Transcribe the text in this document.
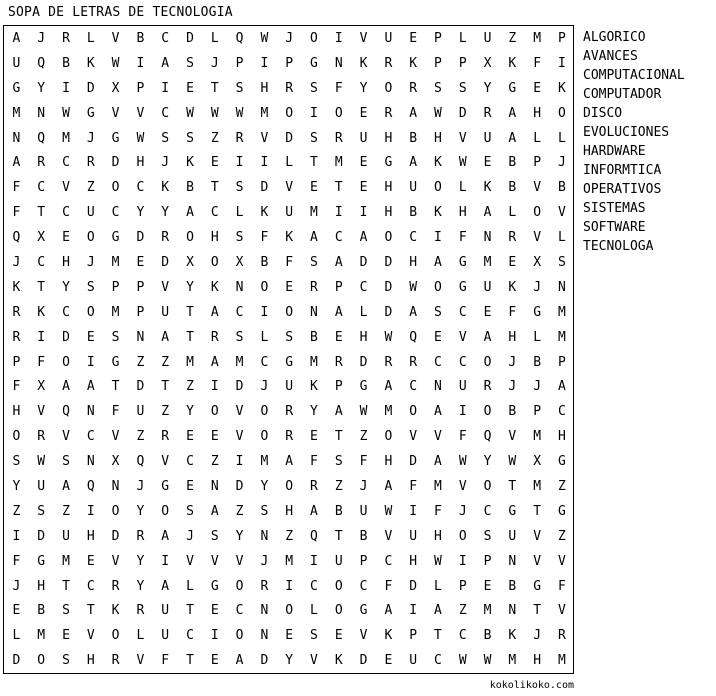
SOPA DE LETRAS DE TECNOLOGIA
A	J	R	L	V	B	C	D	L	Q	W	J	O	I	V	U	E	P	L	U	Z	M	P
U	Q	B	K	W	I	A	S	J	P	I	P	G	N	K	R	K	P	P	X	K	F	I
G	Y	I	D	X	P	I	E	T	S	H	R	S	F	Y	O	R	S	S	Y	G	E	K
M	N	W	G	V	V	C	W	W	W	M	O	I	O	E	R	A	W	D	R	A	H	O
N	Q	M	J	G	W	S	S	Z	R	V	D	S	R	U	H	B	H	V	U	A	L	L
A	R	C	R	D	H	J	K	E	I	I	L	T	M	E	G	A	K	W	E	B	P	J
F	C	V	Z	O	C	K	B	T	S	D	V	E	T	E	H	U	O	L	K	B	V	B
F	T	C	U	C	Y	Y	A	C	L	K	U	M	I	I	H	B	K	H	A	L	O	V
Q	X	E	O	G	D	R	O	H	S	F	K	A	C	A	O	C	I	F	N	R	V	L
J	C	H	J	M	E	D	X	O	X	B	F	S	A	D	D	H	A	G	M	E	X	S
K	T	Y	S	P	P	V	Y	K	N	O	E	R	P	C	D	W	O	G	U	K	J	N
R	K	C	O	M	P	U	T	A	C	I	O	N	A	L	D	A	S	C	E	F	G	M
R	I	D	E	S	N	A	T	R	S	L	S	B	E	H	W	Q	E	V	A	H	L	M
P	F	O	I	G	Z	Z	M	A	M	C	G	M	R	D	R	R	C	C	O	J	B	P
F	X	A	A	T	D	T	Z	I	D	J	U	K	P	G	A	C	N	U	R	J	J	A
H	V	Q	N	F	U	Z	Y	O	V	O	R	Y	A	W	M	O	A	I	O	B	P	C
O	R	V	C	V	Z	R	E	E	V	O	R	E	T	Z	O	V	V	F	Q	V	M	H
S	W	S	N	X	Q	V	C	Z	I	M	A	F	S	F	H	D	A	W	Y	W	X	G
Y	U	A	Q	N	J	G	E	N	D	Y	O	R	Z	J	A	F	M	V	O	T	M	Z
Z	S	Z	I	O	Y	O	S	A	Z	S	H	A	B	U	W	I	F	J	C	G	T	G
I	D	U	H	D	R	A	J	S	Y	N	Z	Q	T	B	V	U	H	O	S	U	V	Z
F	G	M	E	V	Y	I	V	V	V	J	M	I	U	P	C	H	W	I	P	N	V	V
J	H	T	C	R	Y	A	L	G	O	R	I	C	O	C	F	D	L	P	E	B	G	F
E	B	S	T	K	R	U	T	E	C	N	O	L	O	G	A	I	A	Z	M	N	T	V
L	M	E	V	O	L	U	C	I	O	N	E	S	E	V	K	P	T	C	B	K	J	R
D	O	S	H	R	V	F	T	E	A	D	Y	V	K	D	E	U	C	W	W	M	H	M
ALGORICO
AVANCES
COMPUTACIONAL
COMPUTADOR
DISCO
EVOLUCIONES
HARDWARE
INFORMTICA
OPERATIVOS
SISTEMAS
SOFTWARE
TECNOLOGA
kokolikoko.com
